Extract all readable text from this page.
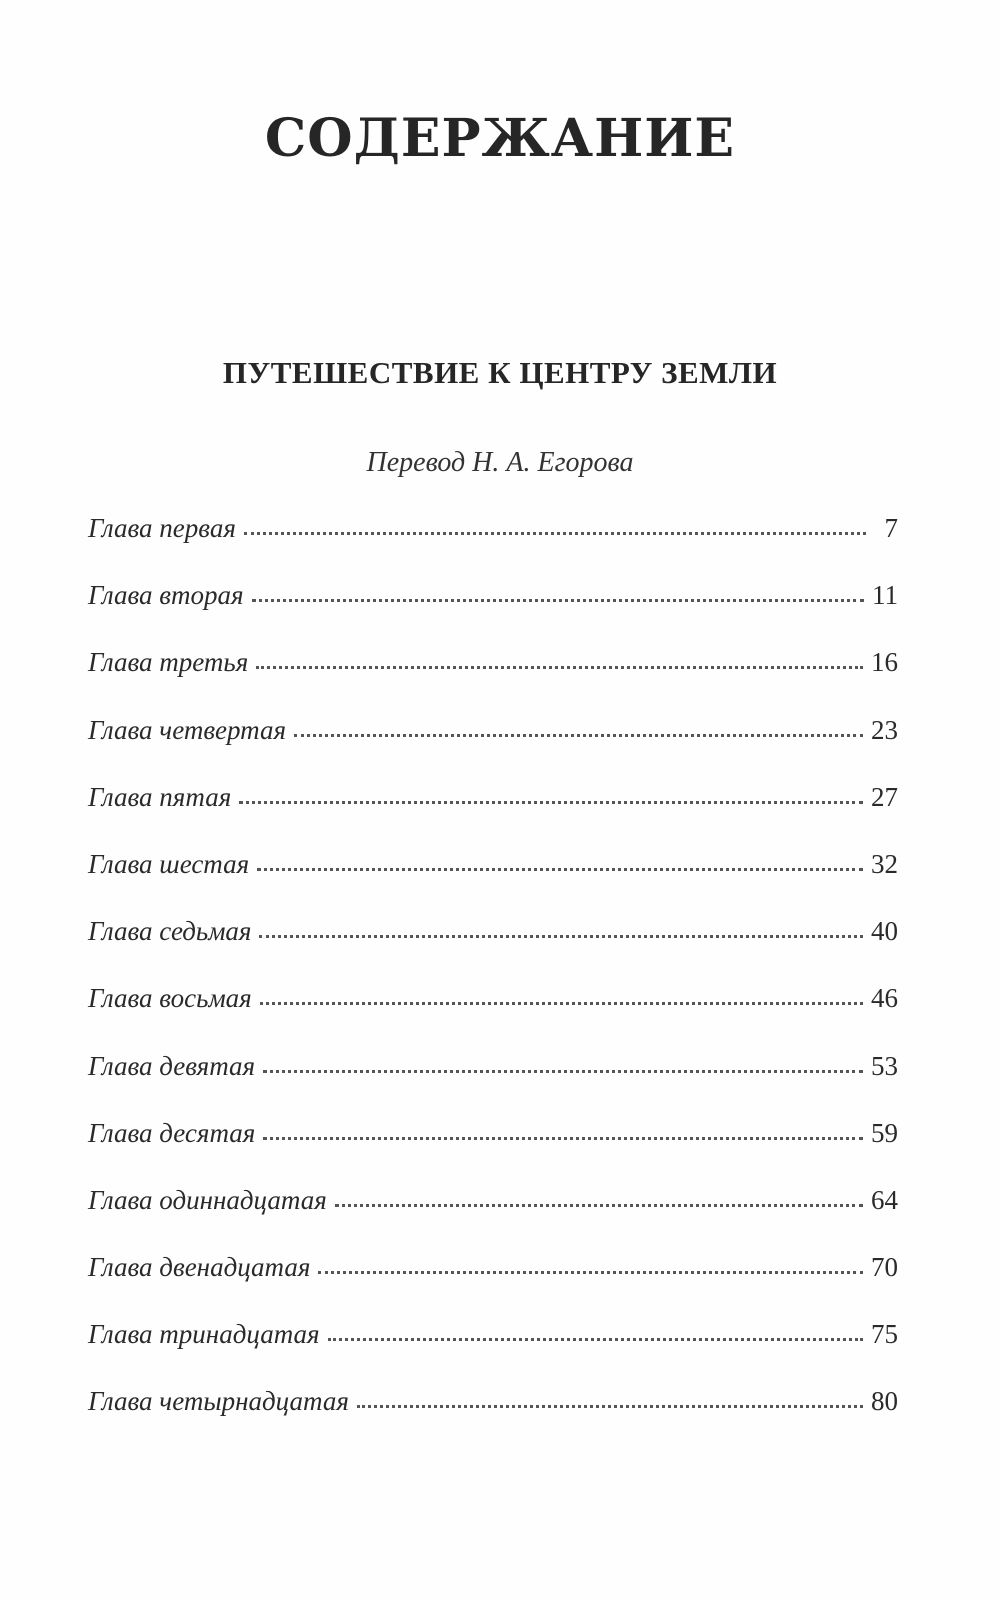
СОДЕРЖАНИЕ
ПУТЕШЕСТВИЕ К ЦЕНТРУ ЗЕМЛИ

Перевод Н. А. Егорова

Глава первая	7
Глава вторая	11
Глава третья	16
Глава четвертая	23
Глава пятая	27
Глава шестая	32
Глава седьмая	40
Глава восьмая	46
Глава девятая	53
Глава десятая	59
Глава одиннадцатая	64
Глава двенадцатая	70
Глава тринадцатая	75
Глава четырнадцатая	80
